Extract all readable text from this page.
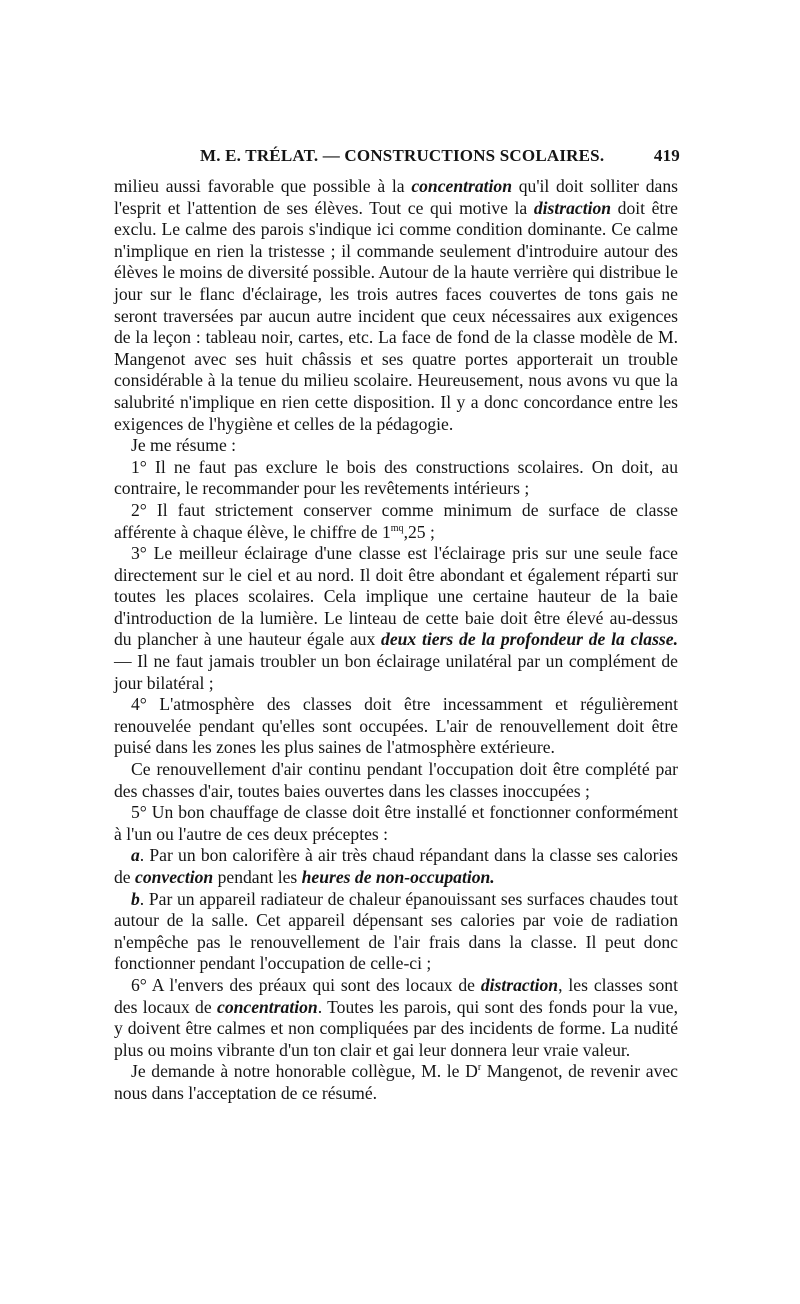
M. E. TRÉLAT. — CONSTRUCTIONS SCOLAIRES.	419

milieu aussi favorable que possible à la concentration qu'il doit solliter dans l'esprit et l'attention de ses élèves. Tout ce qui motive la distraction doit être exclu. Le calme des parois s'indique ici comme condition dominante. Ce calme n'implique en rien la tristesse ; il commande seulement d'introduire autour des élèves le moins de diversité possible. Autour de la haute verrière qui distribue le jour sur le flanc d'éclairage, les trois autres faces couvertes de tons gais ne seront traversées par aucun autre incident que ceux nécessaires aux exigences de la leçon : tableau noir, cartes, etc. La face de fond de la classe modèle de M. Mangenot avec ses huit châssis et ses quatre portes apporterait un trouble considérable à la tenue du milieu scolaire. Heureusement, nous avons vu que la salubrité n'implique en rien cette disposition. Il y a donc concordance entre les exigences de l'hygiène et celles de la pédagogie.

Je me résume :

1° Il ne faut pas exclure le bois des constructions scolaires. On doit, au contraire, le recommander pour les revêtements intérieurs ;

2° Il faut strictement conserver comme minimum de surface de classe afférente à chaque élève, le chiffre de $1^{mq},25$ ;

3° Le meilleur éclairage d'une classe est l'éclairage pris sur une seule face directement sur le ciel et au nord. Il doit être abondant et également réparti sur toutes les places scolaires. Cela implique une certaine hauteur de la baie d'introduction de la lumière. Le linteau de cette baie doit être élevé au-dessus du plancher à une hauteur égale aux deux tiers de la profondeur de la classe. — Il ne faut jamais troubler un bon éclairage unilatéral par un complément de jour bilatéral ;

4° L'atmosphère des classes doit être incessamment et régulièrement renouvelée pendant qu'elles sont occupées. L'air de renouvellement doit être puisé dans les zones les plus saines de l'atmosphère extérieure.

Ce renouvellement d'air continu pendant l'occupation doit être complété par des chasses d'air, toutes baies ouvertes dans les classes inoccupées ;

5° Un bon chauffage de classe doit être installé et fonctionner conformément à l'un ou l'autre de ces deux préceptes :

a. Par un bon calorifère à air très chaud répandant dans la classe ses calories de convection pendant les heures de non-occupation.

b. Par un appareil radiateur de chaleur épanouissant ses surfaces chaudes tout autour de la salle. Cet appareil dépensant ses calories par voie de radiation n'empêche pas le renouvellement de l'air frais dans la classe. Il peut donc fonctionner pendant l'occupation de celle-ci ;

6° A l'envers des préaux qui sont des locaux de distraction, les classes sont des locaux de concentration. Toutes les parois, qui sont des fonds pour la vue, y doivent être calmes et non compliquées par des incidents de forme. La nudité plus ou moins vibrante d'un ton clair et gai leur donnera leur vraie valeur.

Je demande à notre honorable collègue, M. le $D^r$ Mangenot, de revenir avec nous dans l'acceptation de ce résumé.
